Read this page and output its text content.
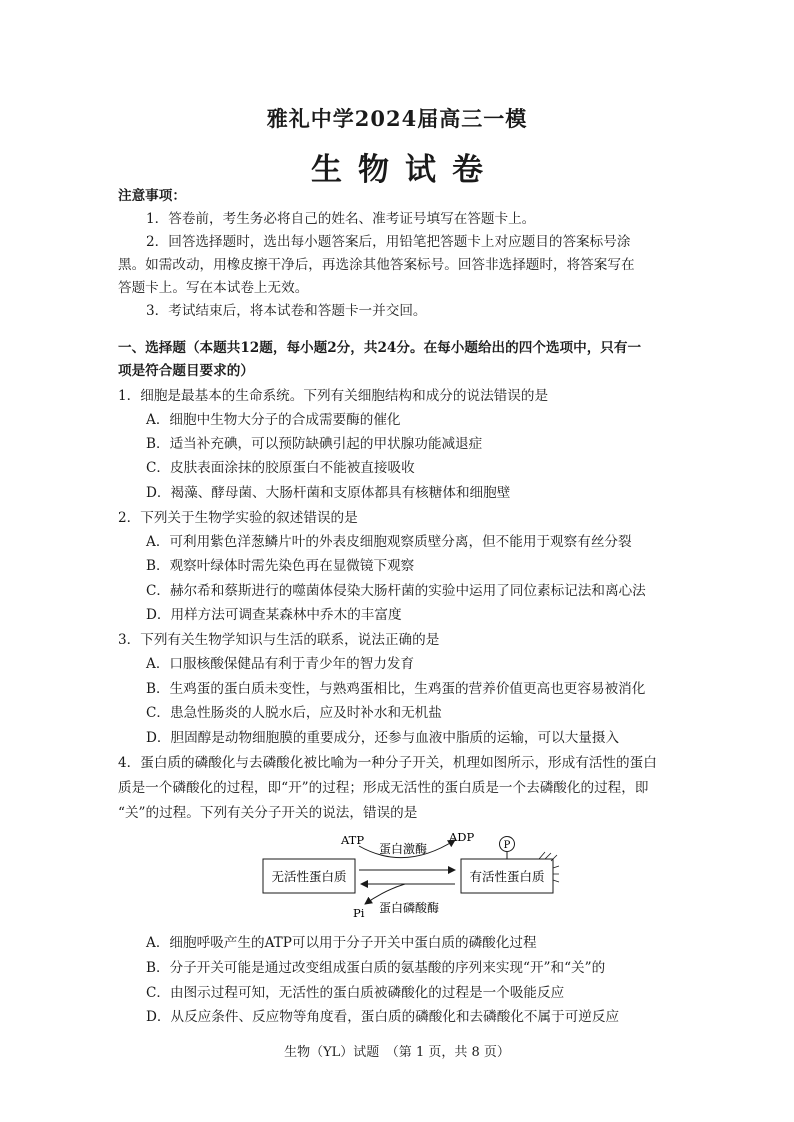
雅礼中学2024届高三一模
生物试卷
注意事项：
1．答卷前，考生务必将自己的姓名、准考证号填写在答题卡上。
2．回答选择题时，选出每小题答案后，用铅笔把答题卡上对应题目的答案标号涂
黑。如需改动，用橡皮擦干净后，再选涂其他答案标号。回答非选择题时，将答案写在
答题卡上。写在本试卷上无效。
3．考试结束后，将本试卷和答题卡一并交回。
一、选择题（本题共12题，每小题2分，共24分。在每小题给出的四个选项中，只有一
项是符合题目要求的）
1．细胞是最基本的生命系统。下列有关细胞结构和成分的说法错误的是
A．细胞中生物大分子的合成需要酶的催化
B．适当补充碘，可以预防缺碘引起的甲状腺功能减退症
C．皮肤表面涂抹的胶原蛋白不能被直接吸收
D．褐藻、酵母菌、大肠杆菌和支原体都具有核糖体和细胞壁
2．下列关于生物学实验的叙述错误的是
A．可利用紫色洋葱鳞片叶的外表皮细胞观察质壁分离，但不能用于观察有丝分裂
B．观察叶绿体时需先染色再在显微镜下观察
C．赫尔希和蔡斯进行的噬菌体侵染大肠杆菌的实验中运用了同位素标记法和离心法
D．用样方法可调查某森林中乔木的丰富度
3．下列有关生物学知识与生活的联系，说法正确的是
A．口服核酸保健品有利于青少年的智力发育
B．生鸡蛋的蛋白质未变性，与熟鸡蛋相比，生鸡蛋的营养价值更高也更容易被消化
C．患急性肠炎的人脱水后，应及时补水和无机盐
D．胆固醇是动物细胞膜的重要成分，还参与血液中脂质的运输，可以大量摄入
4．蛋白质的磷酸化与去磷酸化被比喻为一种分子开关，机理如图所示，形成有活性的蛋白
质是一个磷酸化的过程，即“开”的过程；形成无活性的蛋白质是一个去磷酸化的过程，即
“关”的过程。下列有关分子开关的说法，错误的是
无活性蛋白质	有活性蛋白质
P
ATP	ADP
蛋白激酶
Pi 蛋白磷酸酶
A．细胞呼吸产生的ATP可以用于分子开关中蛋白质的磷酸化过程
B．分子开关可能是通过改变组成蛋白质的氨基酸的序列来实现“开”和“关”的
C．由图示过程可知，无活性的蛋白质被磷酸化的过程是一个吸能反应
D．从反应条件、反应物等角度看，蛋白质的磷酸化和去磷酸化不属于可逆反应
生物（YL）试题　（第 1 页，共 8 页）
